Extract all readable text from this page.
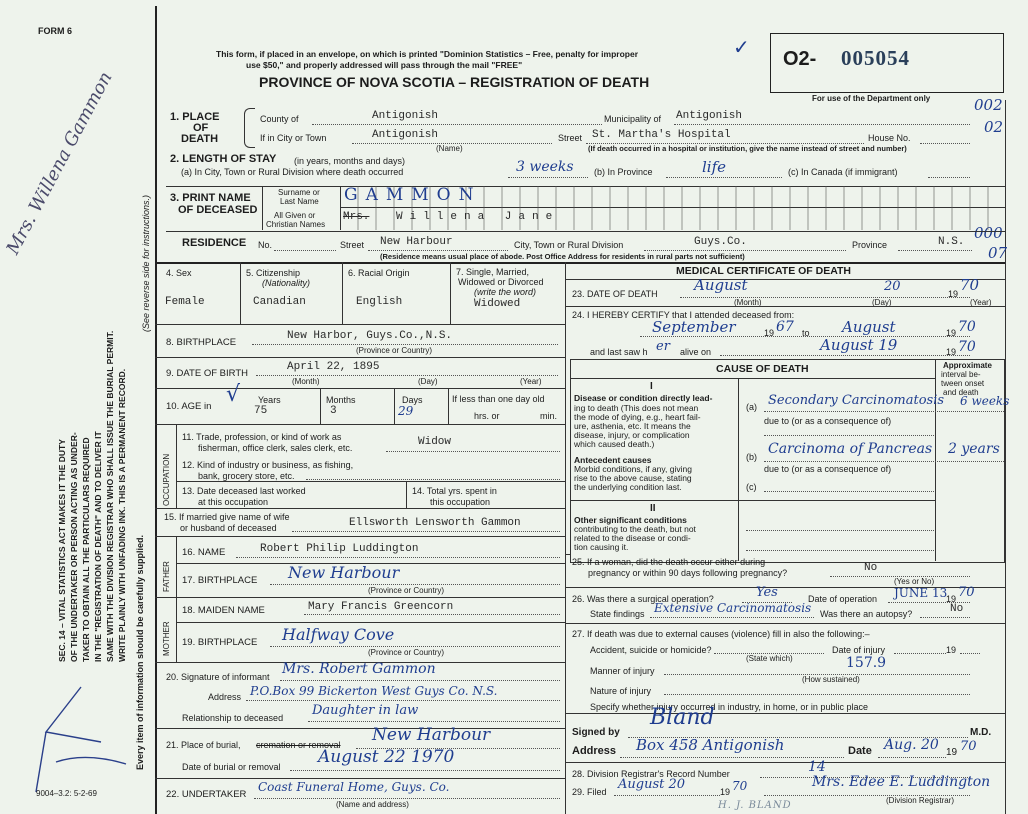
FORM 6
Mrs. Willena Gammon
SEC. 14 – VITAL STATISTICS ACT MAKES IT THE DUTY OF THE UNDERTAKER OR PERSON ACTING AS UNDER- TAKER TO OBTAIN ALL THE PARTICULARS REQUIRED IN THE "REGISTRATION OF DEATH" AND TO DELIVER IT SAME WITH THE DIVISION REGISTRAR WHO SHALL ISSUE THE BURIAL PERMIT. WRITE PLAINLY WITH UNFADING INK. THIS IS A PERMANENT RECORD. Every item of information should be carefully supplied.
(See reverse side for instructions.)
9004–3.2: 5-2-69
This form, if placed in an envelope, on which is printed "Dominion Statistics – Free, penalty for improper
use $50," and properly addressed will pass through the mail "FREE"
PROVINCE OF NOVA SCOTIA – REGISTRATION OF DEATH
✓ O2- 005054
For use of the Department only	002
02
000
07
1. PLACE
OF
DEATH
County of	Antigonish	Municipality of Antigonish
If in City or Town	Antigonish	Street St. Martha's Hospital	House No.
(Name)	(If death occurred in a hospital or institution, give the name instead of street and number)
2. LENGTH OF STAY (in years, months and days)
(a) In City, Town or Rural Division where death occurred	3 weeks (b) In Province	life	(c) In Canada (if immigrant)
3. PRINT NAME
OF DECEASED
Surname or
Last Name
All Given or
Christian Names
GAMMON
Mrs. Willena Jane
RESIDENCE No.	Street New Harbour	City, Town or Rural Division	Guys.Co.	Province	N.S.
(Residence means usual place of abode. Post Office Address for residents in rural parts not sufficient)
4. Sex
Female
5. Citizenship
(Nationality)
Canadian
6. Racial Origin
English
7. Single, Married,
Widowed or Divorced
(write the word)
Widowed
8. BIRTHPLACE
New Harbor, Guys.Co.,N.S.
(Province or Country)
9. DATE OF BIRTH
April 22, 1895
(Month)	(Day)	(Year)
10. AGE in √ Years
75
Months
3
Days
29
If less than one day old
hrs. or	min.
OCCUPATION
11. Trade, profession, or kind of work as
fisherman, office clerk, sales clerk, etc.	Widow
12. Kind of industry or business, as fishing,
bank, grocery store, etc.
13. Date deceased last worked
at this occupation
14. Total yrs. spent in
this occupation
15. If married give name of wife
or husband of deceased	Ellsworth Lensworth Gammon
FATHER
MOTHER
16. NAME	Robert Philip Luddington
17. BIRTHPLACE New Harbour
(Province or Country)
18. MAIDEN NAME	Mary Francis Greencorn
19. BIRTHPLACE Halfway Cove
(Province or Country)
20. Signature of informant Mrs. Robert Gammon
Address P.O.Box 99 Bickerton West Guys Co. N.S.
Relationship to deceased Daughter in law
21. Place of burial, cremation or removal New Harbour
Date of burial or removal August 22 1970
22. UNDERTAKER
Coast Funeral Home, Guys. Co.
(Name and address)
MEDICAL CERTIFICATE OF DEATH
23. DATE OF DEATH August	20	19 70
(Month)	(Day)	(Year)
24. I HEREBY CERTIFY that I attended deceased from:
September	19 67 to August	19 70
and last saw h er alive on	August 19	19 70
CAUSE OF DEATH	Approximate
interval be-
tween onset
and death
I
Disease or condition directly lead-
ing to death (This does not mean
the mode of dying, e.g., heart fail-
ure, asthenia, etc. It means the
disease, injury, or complication
which caused death.)
(a) Secondary Carcinomatosis 6 weeks
due to (or as a consequence of)
Antecedent causes
Morbid conditions, if any, giving
rise to the above cause, stating
the underlying condition last.
(b) Carcinoma of Pancreas 2 years
due to (or as a consequence of)
(c)
II
Other significant conditions
contributing to the death, but not
related to the disease or condi-
tion causing it.
25. If a woman, did the death occur either during
pregnancy or within 90 days following pregnancy?	No
(Yes or No)
26. Was there a surgical operation?	Yes	Date of operation JUNE 13
19 70
State findings Extensive Carcinomatosis Was there an autopsy?	No
27. If death was due to external causes (violence) fill in also the following:–
Accident, suicide or homicide?
(State which)
Date of injury	19
Manner of injury	157.9
(How sustained)
Nature of injury
Specify whether injury occurred in industry, in home, or in public place
Signed by
Bland
M.D.
Address Box 458 Antigonish	Date Aug. 20 19 70
28. Division Registrar's Record Number	14
29. Filed August 20	19 70	Mrs. Edee E. Luddington
(Division Registrar)
H. J. BLAND
